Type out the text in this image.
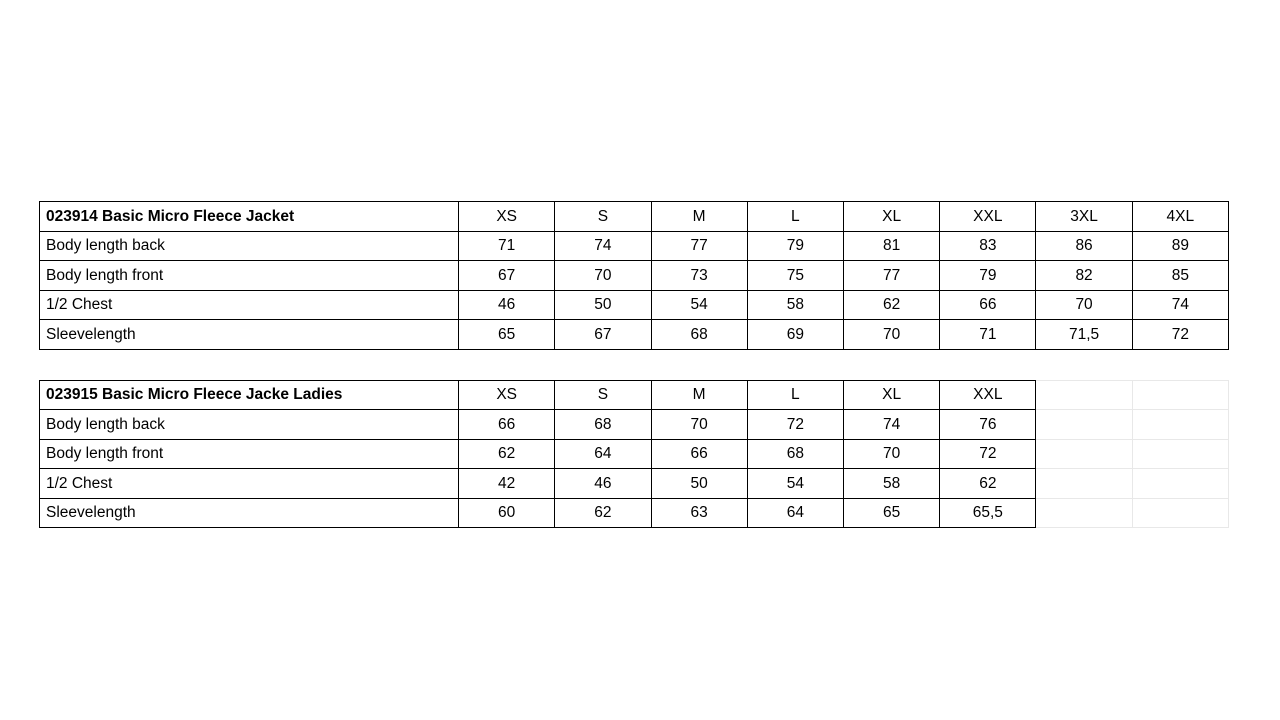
023914 Basic Micro Fleece Jacket	XS	S	M	L	XL	XXL	3XL	4XL
Body length back	71	74	77	79	81	83	86	89
Body length front	67	70	73	75	77	79	82	85
1/2 Chest	46	50	54	58	62	66	70	74
Sleevelength	65	67	68	69	70	71	71,5	72
023915 Basic Micro Fleece Jacke Ladies	XS	S	M	L	XL	XXL		
Body length back	66	68	70	72	74	76		
Body length front	62	64	66	68	70	72		
1/2 Chest	42	46	50	54	58	62		
Sleevelength	60	62	63	64	65	65,5		
